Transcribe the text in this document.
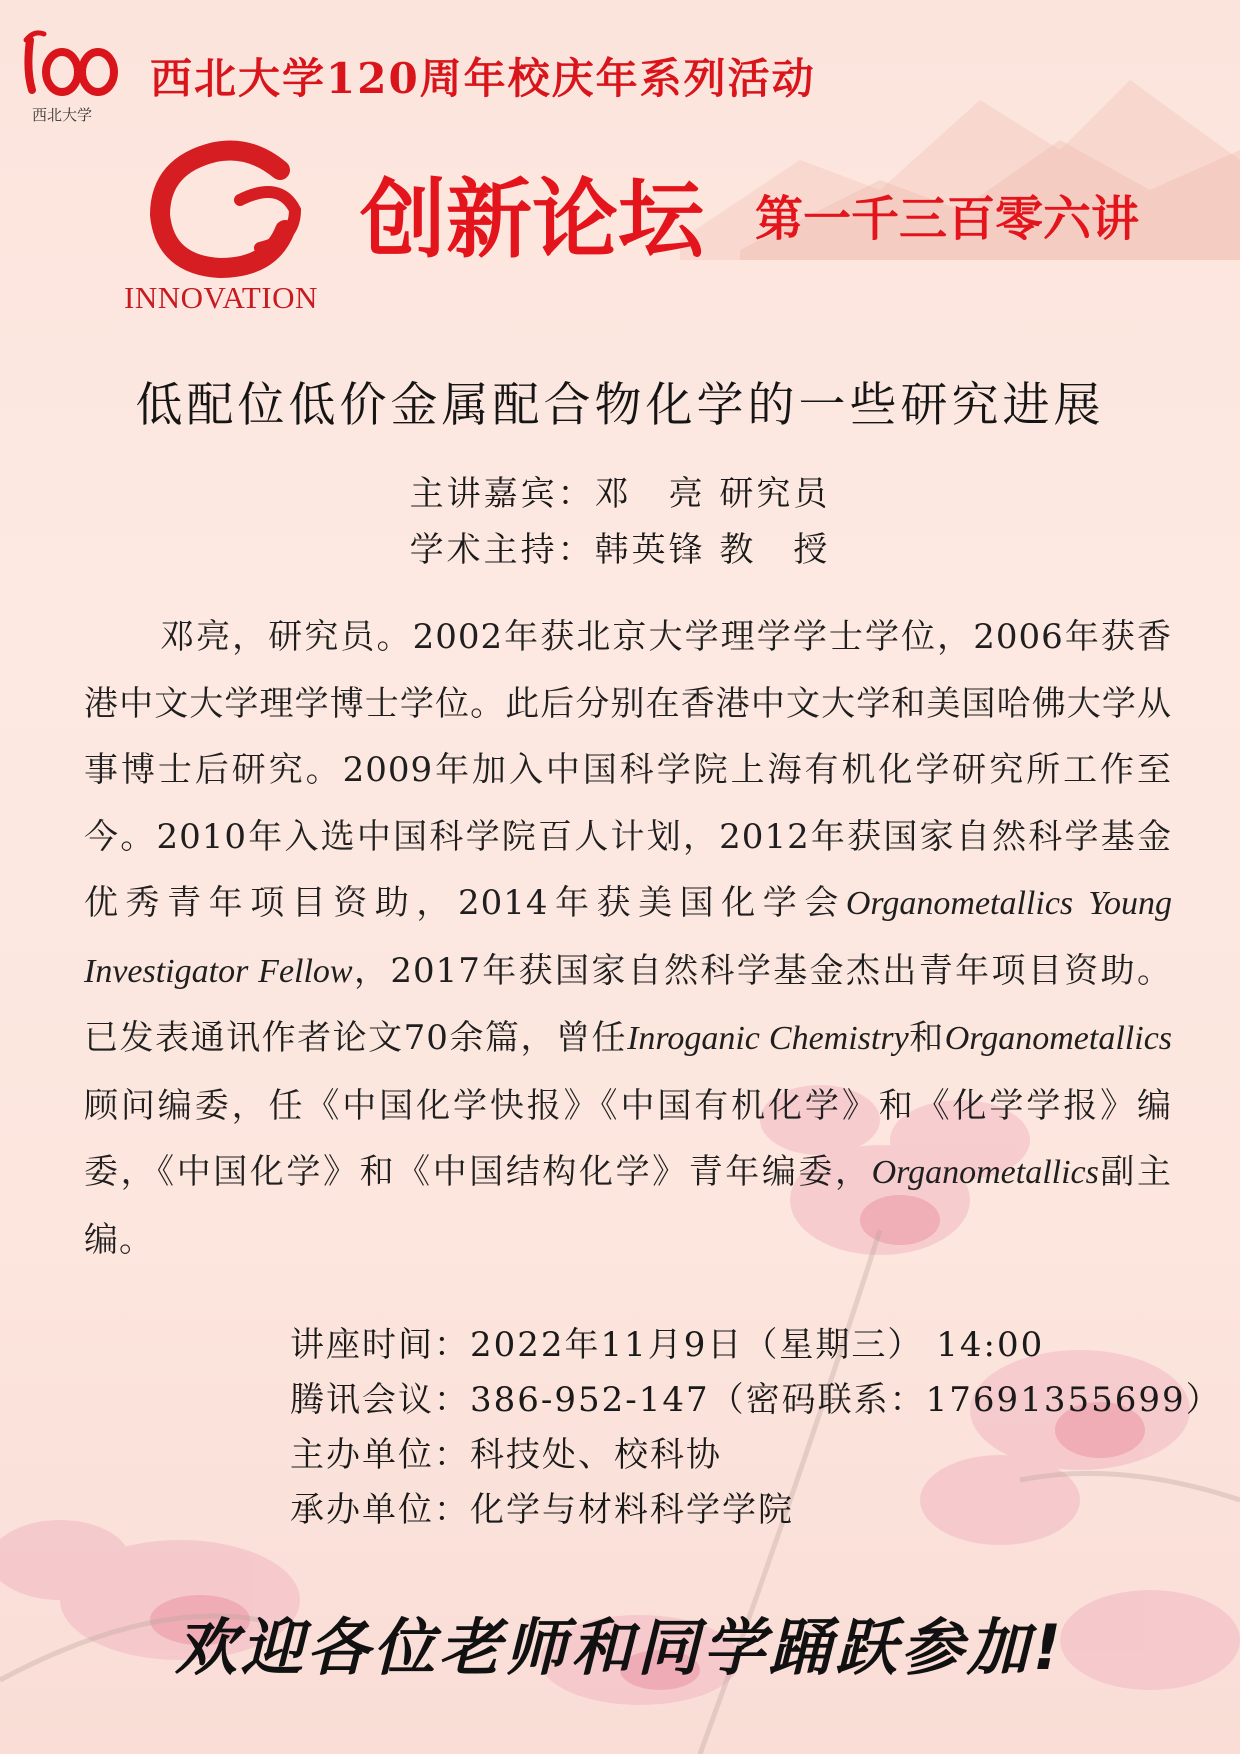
西北大学
西北大学120周年校庆年系列活动
INNOVATION
创新论坛 第一千三百零六讲
低配位低价金属配合物化学的一些研究进展
主讲嘉宾：邓　亮 研究员
学术主持：韩英锋 教　授
邓亮，研究员。2002年获北京大学理学学士学位，2006年获香港中文大学理学博士学位。此后分别在香港中文大学和美国哈佛大学从事博士后研究。2009年加入中国科学院上海有机化学研究所工作至今。2010年入选中国科学院百人计划，2012年获国家自然科学基金优秀青年项目资助，2014年获美国化学会Organometallics Young Investigator Fellow，2017年获国家自然科学基金杰出青年项目资助。已发表通讯作者论文70余篇，曾任Inroganic Chemistry和Organometallics顾问编委，任《中国化学快报》《中国有机化学》和《化学学报》编委，《中国化学》和《中国结构化学》青年编委，Organometallics副主编。
讲座时间： 2022年11月9日（星期三） 14:00
腾讯会议： 386-952-147（密码联系：17691355699）
主办单位： 科技处、校科协
承办单位： 化学与材料科学学院
欢迎各位老师和同学踊跃参加!
